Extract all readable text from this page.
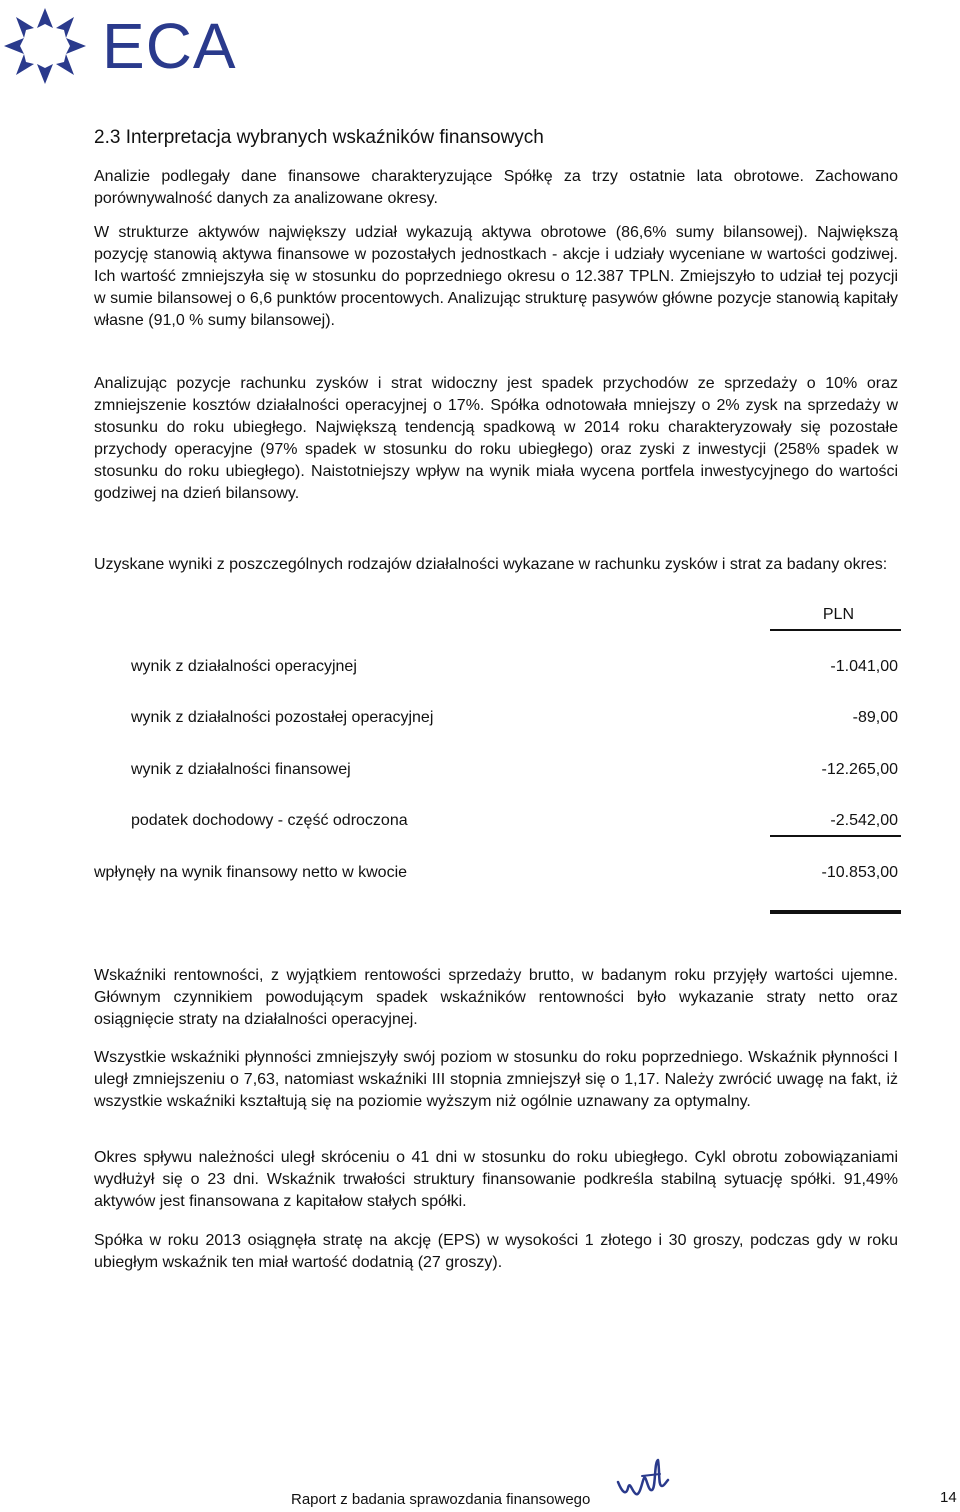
ECA
2.3 Interpretacja wybranych wskaźników finansowych

Analizie podlegały dane finansowe charakteryzujące Spółkę za trzy ostatnie lata obrotowe. Zachowano porównywalność danych za analizowane okresy.

W strukturze aktywów największy udział wykazują aktywa obrotowe (86,6% sumy bilansowej). Największą pozycję stanowią aktywa finansowe w pozostałych jednostkach - akcje i udziały wyceniane w wartości godziwej. Ich wartość zmniejszyła się w stosunku do poprzedniego okresu o 12.387 TPLN. Zmiejszyło to udział tej pozycji w sumie bilansowej o 6,6 punktów procentowych. Analizując strukturę pasywów główne pozycje stanowią kapitały własne (91,0 % sumy bilansowej).

Analizując pozycje rachunku zysków i strat widoczny jest spadek przychodów ze sprzedaży o 10% oraz zmniejszenie kosztów działalności operacyjnej o 17%. Spółka odnotowała mniejszy o 2% zysk na sprzedaży w stosunku do roku ubiegłego. Największą tendencją spadkową w 2014 roku charakteryzowały się pozostałe przychody operacyjne (97% spadek w stosunku do roku ubiegłego) oraz zyski z inwestycji (258% spadek w stosunku do roku ubiegłego). Naistotniejszy wpływ na wynik miała wycena portfela inwestycyjnego do wartości godziwej na dzień bilansowy.

Uzyskane wyniki z poszczególnych rodzajów działalności wykazane w rachunku zysków i strat za badany okres:

PLN
wynik z działalności operacyjnej	-1.041,00
wynik z działalności pozostałej operacyjnej	-89,00
wynik z działalności finansowej	-12.265,00
podatek dochodowy - część odroczona	-2.542,00
wpłynęły na wynik finansowy netto w kwocie	-10.853,00

Wskaźniki rentowności, z wyjątkiem rentowości sprzedaży brutto, w badanym roku przyjęły wartości ujemne. Głównym czynnikiem powodującym spadek wskaźników rentowności było wykazanie straty netto oraz osiągnięcie straty na działalności operacyjnej.

Wszystkie wskaźniki płynności zmniejszyły swój poziom w stosunku do roku poprzedniego. Wskaźnik płynności I uległ zmniejszeniu o 7,63, natomiast wskaźniki III stopnia zmniejszył się o 1,17. Należy zwrócić uwagę na fakt, iż wszystkie wskaźniki kształtują się na poziomie wyższym niż ogólnie uznawany za optymalny.

Okres spływu należności uległ skróceniu o 41 dni w stosunku do roku ubiegłego. Cykl obrotu zobowiązaniami wydłużył się o 23 dni. Wskaźnik trwałości struktury finansowanie podkreśla stabilną sytuację spółki. 91,49% aktywów jest finansowana z kapitałow stałych spółki.

Spółka w roku 2013 osiągnęła stratę na akcję (EPS) w wysokości 1 złotego i 30 groszy, podczas gdy w roku ubiegłym wskaźnik ten miał wartość dodatnią (27 groszy).

Raport z badania sprawozdania finansowego	14
